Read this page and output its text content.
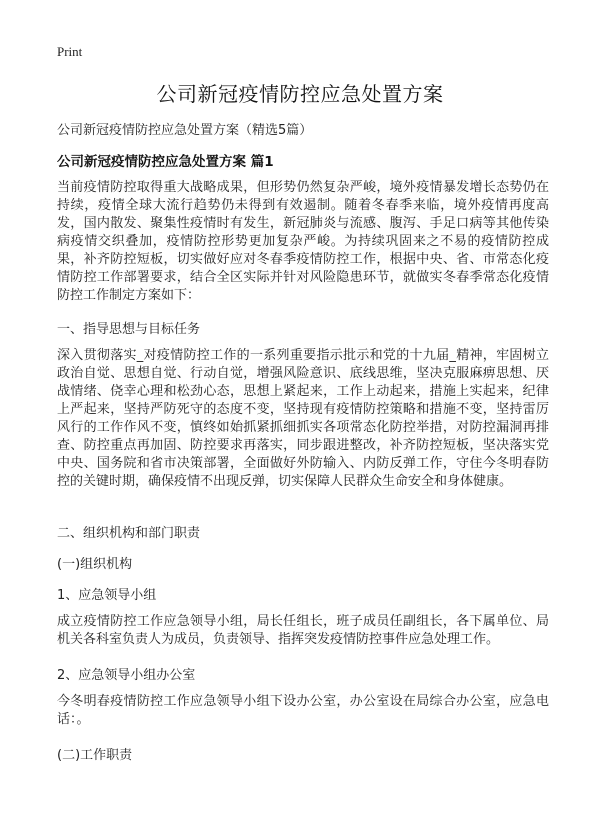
Print
公司新冠疫情防控应急处置方案
公司新冠疫情防控应急处置方案（精选5篇）
公司新冠疫情防控应急处置方案 篇1
当前疫情防控取得重大战略成果，但形势仍然复杂严峻，境外疫情暴发增长态势仍在持续，疫情全球大流行趋势仍未得到有效遏制。随着冬春季来临，境外疫情再度高发，国内散发、聚集性疫情时有发生，新冠肺炎与流感、腹泻、手足口病等其他传染病疫情交织叠加，疫情防控形势更加复杂严峻。为持续巩固来之不易的疫情防控成果，补齐防控短板，切实做好应对冬春季疫情防控工作，根据中央、省、市常态化疫情防控工作部署要求，结合全区实际并针对风险隐患环节，就做实冬春季常态化疫情防控工作制定方案如下：
一、指导思想与目标任务
深入贯彻落实_对疫情防控工作的一系列重要指示批示和党的十九届_精神，牢固树立政治自觉、思想自觉、行动自觉，增强风险意识、底线思维，坚决克服麻痹思想、厌战情绪、侥幸心理和松劲心态，思想上紧起来，工作上动起来，措施上实起来，纪律上严起来，坚持严防死守的态度不变，坚持现有疫情防控策略和措施不变，坚持雷厉风行的工作作风不变，慎终如始抓紧抓细抓实各项常态化防控举措，对防控漏洞再排查、防控重点再加固、防控要求再落实，同步跟进整改，补齐防控短板，坚决落实党中央、国务院和省市决策部署，全面做好外防输入、内防反弹工作，守住今冬明春防控的关键时期，确保疫情不出现反弹，切实保障人民群众生命安全和身体健康。
二、组织机构和部门职责
(一)组织机构
1、应急领导小组
成立疫情防控工作应急领导小组，局长任组长，班子成员任副组长，各下属单位、局机关各科室负责人为成员，负责领导、指挥突发疫情防控事件应急处理工作。
2、应急领导小组办公室
今冬明春疫情防控工作应急领导小组下设办公室，办公室设在局综合办公室，应急电话：。
(二)工作职责
